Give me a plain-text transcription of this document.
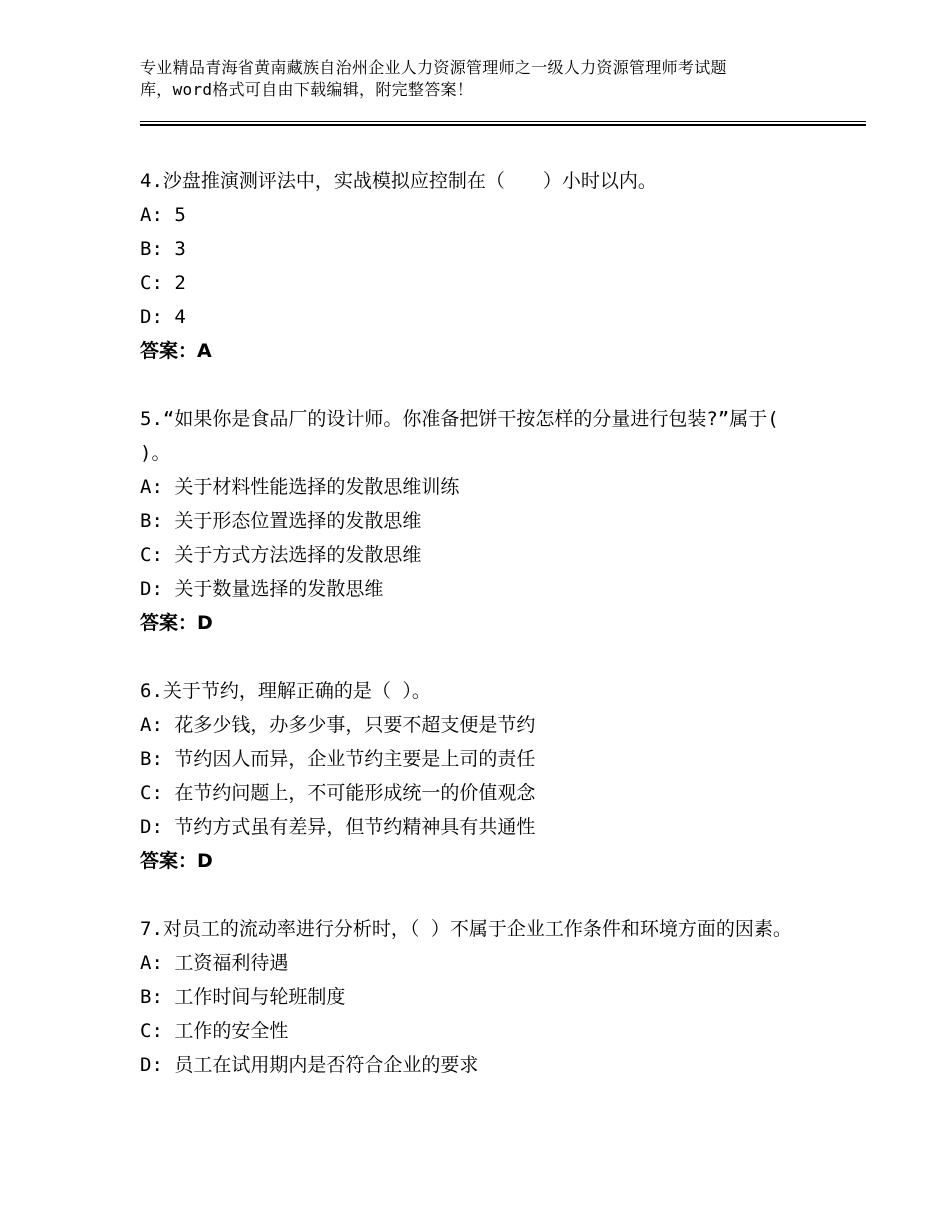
专业精品青海省黄南藏族自治州企业人力资源管理师之一级人力资源管理师考试题
库，word格式可自由下载编辑，附完整答案！

4.沙盘推演测评法中，实战模拟应控制在（　　）小时以内。

A: 5

B: 3

C: 2

D: 4

答案：A

5.“如果你是食品厂的设计师。你准备把饼干按怎样的分量进行包装?”属于( )。

A: 关于材料性能选择的发散思维训练

B: 关于形态位置选择的发散思维

C: 关于方式方法选择的发散思维

D: 关于数量选择的发散思维

答案：D

6.关于节约，理解正确的是（ ）。

A: 花多少钱，办多少事，只要不超支便是节约

B: 节约因人而异，企业节约主要是上司的责任

C: 在节约问题上，不可能形成统一的价值观念

D: 节约方式虽有差异，但节约精神具有共通性

答案：D

7.对员工的流动率进行分析时，（ ）不属于企业工作条件和环境方面的因素。

A: 工资福利待遇

B: 工作时间与轮班制度

C: 工作的安全性

D: 员工在试用期内是否符合企业的要求
